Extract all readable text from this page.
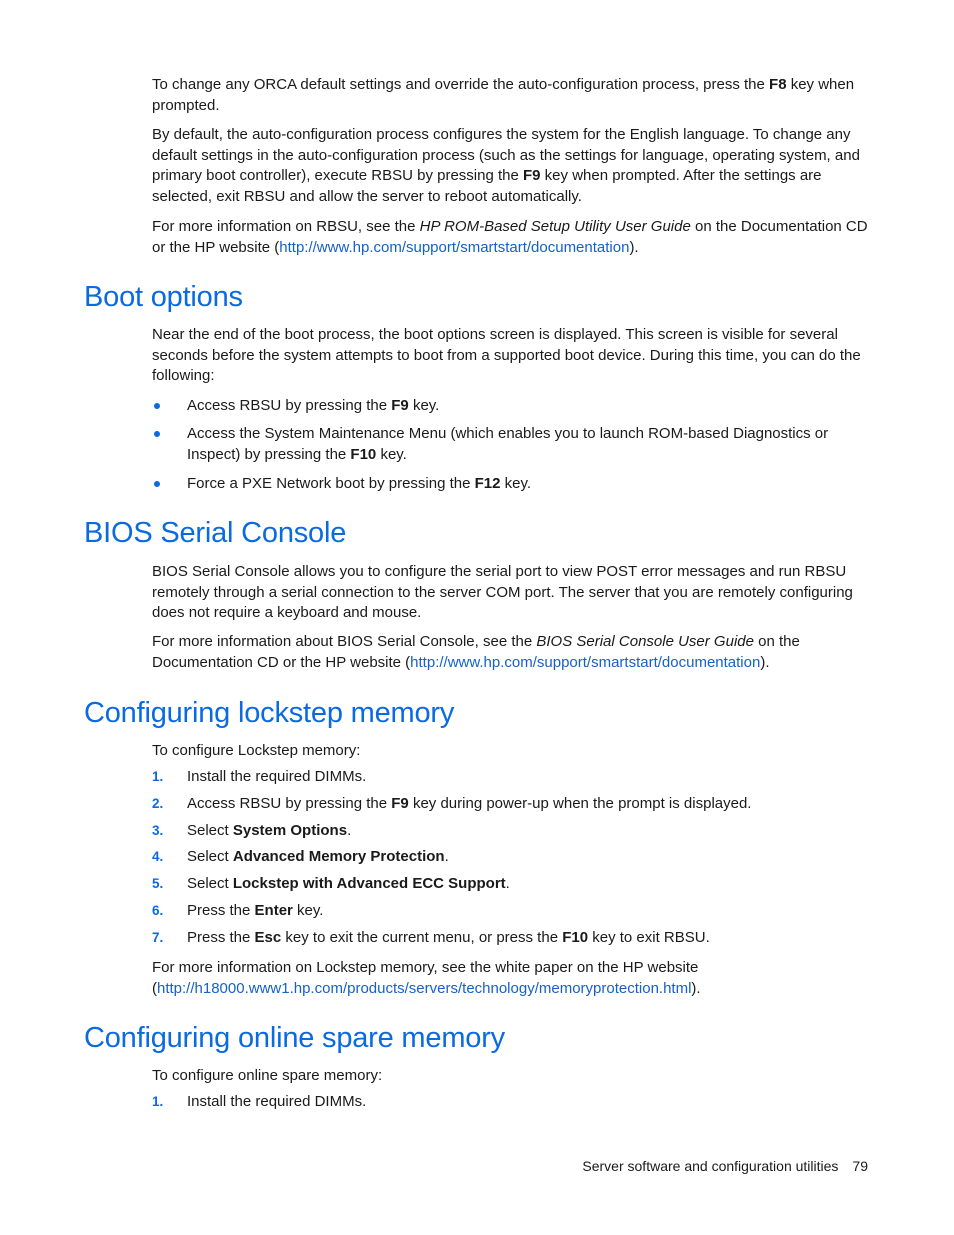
To change any ORCA default settings and override the auto-configuration process, press the F8 key when prompted.

By default, the auto-configuration process configures the system for the English language. To change any default settings in the auto-configuration process (such as the settings for language, operating system, and primary boot controller), execute RBSU by pressing the F9 key when prompted. After the settings are selected, exit RBSU and allow the server to reboot automatically.

For more information on RBSU, see the HP ROM-Based Setup Utility User Guide on the Documentation CD or the HP website (http://www.hp.com/support/smartstart/documentation).

Boot options

Near the end of the boot process, the boot options screen is displayed. This screen is visible for several seconds before the system attempts to boot from a supported boot device. During this time, you can do the following:

Access RBSU by pressing the F9 key.
Access the System Maintenance Menu (which enables you to launch ROM-based Diagnostics or Inspect) by pressing the F10 key.
Force a PXE Network boot by pressing the F12 key.
BIOS Serial Console

BIOS Serial Console allows you to configure the serial port to view POST error messages and run RBSU remotely through a serial connection to the server COM port. The server that you are remotely configuring does not require a keyboard and mouse.

For more information about BIOS Serial Console, see the BIOS Serial Console User Guide on the Documentation CD or the HP website (http://www.hp.com/support/smartstart/documentation).

Configuring lockstep memory

To configure Lockstep memory:

1. Install the required DIMMs.
2. Access RBSU by pressing the F9 key during power-up when the prompt is displayed.
3. Select System Options.
4. Select Advanced Memory Protection.
5. Select Lockstep with Advanced ECC Support.
6. Press the Enter key.
7. Press the Esc key to exit the current menu, or press the F10 key to exit RBSU.

For more information on Lockstep memory, see the white paper on the HP website (http://h18000.www1.hp.com/products/servers/technology/memoryprotection.html).

Configuring online spare memory

To configure online spare memory:

1. Install the required DIMMs.
Server software and configuration utilities 79
